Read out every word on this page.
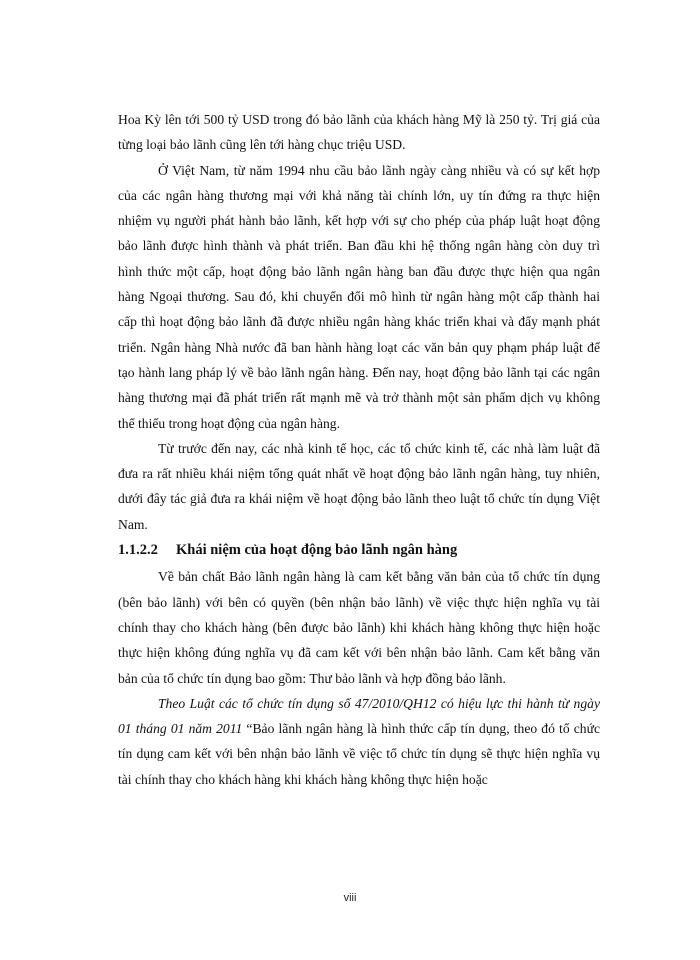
Hoa Kỳ lên tới 500 tỷ USD trong đó bảo lãnh của khách hàng Mỹ là 250 tỷ. Trị giá của từng loại bảo lãnh cũng lên tới hàng chục triệu USD.

Ở Việt Nam, từ năm 1994 nhu cầu bảo lãnh ngày càng nhiều và có sự kết hợp của các ngân hàng thương mại với khả năng tài chính lớn, uy tín đứng ra thực hiện nhiệm vụ người phát hành bảo lãnh, kết hợp với sự cho phép của pháp luật hoạt động bảo lãnh được hình thành và phát triển. Ban đầu khi hệ thống ngân hàng còn duy trì hình thức một cấp, hoạt động bảo lãnh ngân hàng ban đầu được thực hiện qua ngân hàng Ngoại thương. Sau đó, khi chuyển đổi mô hình từ ngân hàng một cấp thành hai cấp thì hoạt động bảo lãnh đã được nhiều ngân hàng khác triển khai và đẩy mạnh phát triển. Ngân hàng Nhà nước đã ban hành hàng loạt các văn bản quy phạm pháp luật để tạo hành lang pháp lý về bảo lãnh ngân hàng. Đến nay, hoạt động bảo lãnh tại các ngân hàng thương mại đã phát triển rất mạnh mẽ và trở thành một sản phẩm dịch vụ không thể thiếu trong hoạt động của ngân hàng.

Từ trước đến nay, các nhà kinh tế học, các tổ chức kinh tế, các nhà làm luật đã đưa ra rất nhiều khái niệm tổng quát nhất về hoạt động bảo lãnh ngân hàng, tuy nhiên, dưới đây tác giả đưa ra khái niệm về hoạt động bảo lãnh theo luật tổ chức tín dụng Việt Nam.

1.1.2.2 Khái niệm của hoạt động bảo lãnh ngân hàng

Về bản chất Bảo lãnh ngân hàng là cam kết bằng văn bản của tổ chức tín dụng (bên bảo lãnh) với bên có quyền (bên nhận bảo lãnh) về việc thực hiện nghĩa vụ tài chính thay cho khách hàng (bên được bảo lãnh) khi khách hàng không thực hiện hoặc thực hiện không đúng nghĩa vụ đã cam kết với bên nhận bảo lãnh. Cam kết bằng văn bản của tổ chức tín dụng bao gồm: Thư bảo lãnh và hợp đồng bảo lãnh.

Theo Luật các tổ chức tín dụng số 47/2010/QH12 có hiệu lực thi hành từ ngày 01 tháng 01 năm 2011 “Bảo lãnh ngân hàng là hình thức cấp tín dụng, theo đó tổ chức tín dụng cam kết với bên nhận bảo lãnh về việc tổ chức tín dụng sẽ thực hiện nghĩa vụ tài chính thay cho khách hàng khi khách hàng không thực hiện hoặc

viii
